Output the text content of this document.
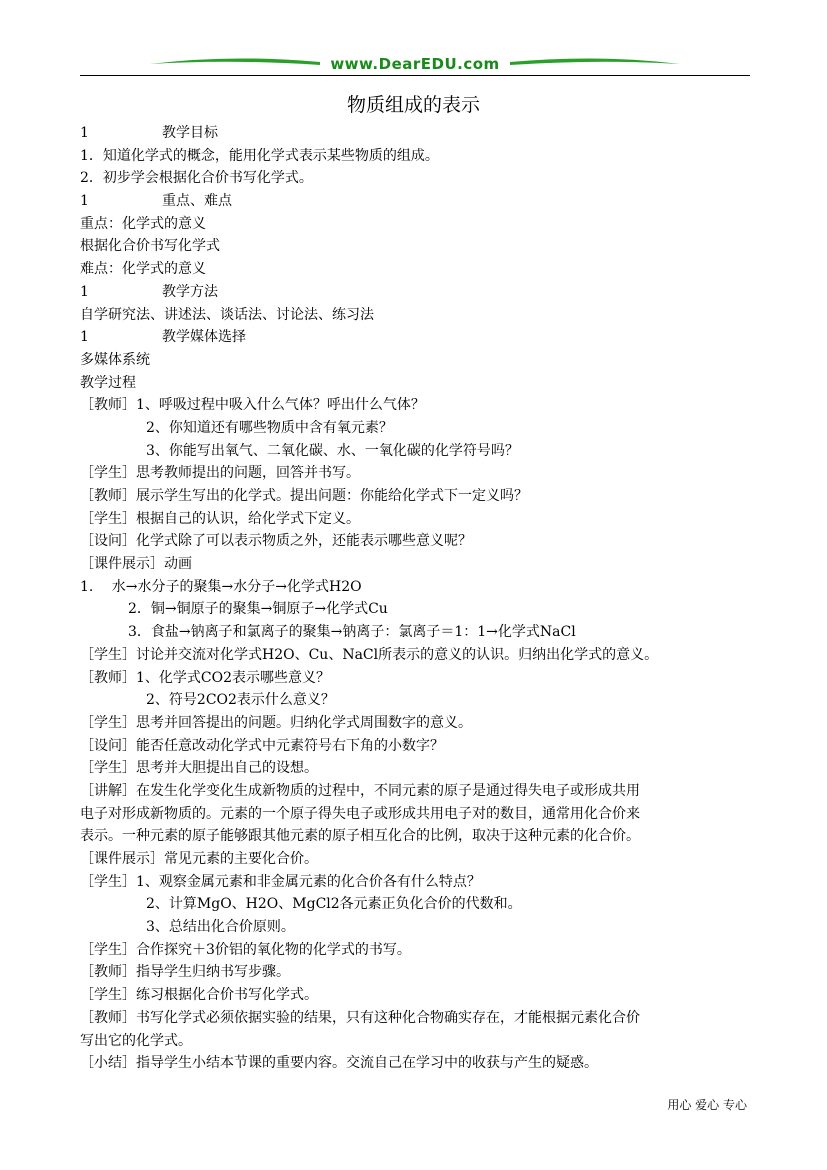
www.DearEDU.com
物质组成的表示
1	教学目标
1．知道化学式的概念，能用化学式表示某些物质的组成。
2．初步学会根据化合价书写化学式。
1	重点、难点
重点：化学式的意义
根据化合价书写化学式
难点：化学式的意义
1	教学方法
自学研究法、讲述法、谈话法、讨论法、练习法
1	教学媒体选择
多媒体系统
教学过程
［教师］1、呼吸过程中吸入什么气体？呼出什么气体？
2、你知道还有哪些物质中含有氧元素？
3、你能写出氧气、二氧化碳、水、一氧化碳的化学符号吗？
［学生］思考教师提出的问题，回答并书写。
［教师］展示学生写出的化学式。提出问题：你能给化学式下一定义吗？
［学生］根据自己的认识，给化学式下定义。
［设问］化学式除了可以表示物质之外，还能表示哪些意义呢？
［课件展示］动画
1.　 水→水分子的聚集→水分子→化学式H2O
2．铜→铜原子的聚集→铜原子→化学式Cu
3．食盐→钠离子和氯离子的聚集→钠离子：氯离子＝1：1→化学式NaCl
［学生］讨论并交流对化学式H2O、Cu、NaCl所表示的意义的认识。归纳出化学式的意义。
［教师］1、化学式CO2表示哪些意义？
2、符号2CO2表示什么意义？
［学生］思考并回答提出的问题。归纳化学式周围数字的意义。
［设问］能否任意改动化学式中元素符号右下角的小数字？
［学生］思考并大胆提出自己的设想。
［讲解］在发生化学变化生成新物质的过程中，不同元素的原子是通过得失电子或形成共用
电子对形成新物质的。元素的一个原子得失电子或形成共用电子对的数目，通常用化合价来
表示。一种元素的原子能够跟其他元素的原子相互化合的比例，取决于这种元素的化合价。
［课件展示］常见元素的主要化合价。
［学生］1、观察金属元素和非金属元素的化合价各有什么特点？
2、计算MgO、H2O、MgCl2各元素正负化合价的代数和。
3、总结出化合价原则。
［学生］合作探究＋3价铝的氧化物的化学式的书写。
［教师］指导学生归纳书写步骤。
［学生］练习根据化合价书写化学式。
［教师］书写化学式必须依据实验的结果，只有这种化合物确实存在，才能根据元素化合价
写出它的化学式。
［小结］指导学生小结本节课的重要内容。交流自己在学习中的收获与产生的疑惑。
用心 爱心 专心
